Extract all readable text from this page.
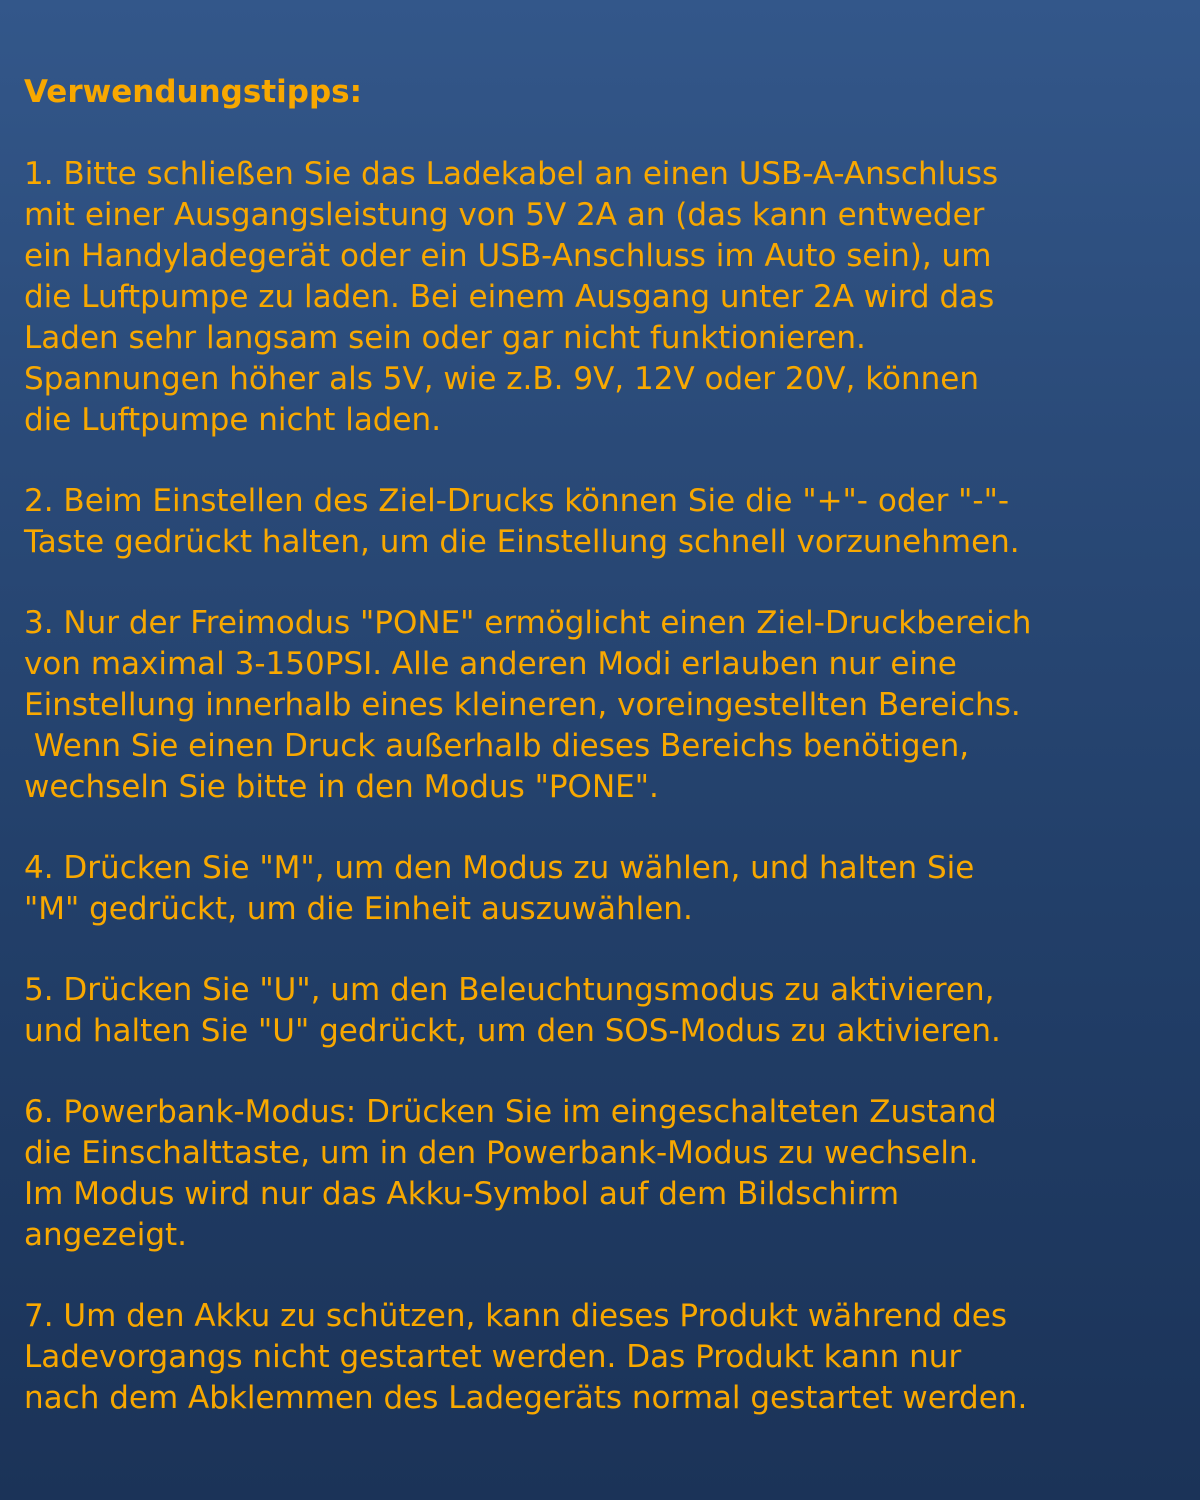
Verwendungstipps:

1. Bitte schließen Sie das Ladekabel an einen USB-A-Anschluss
mit einer Ausgangsleistung von 5V 2A an (das kann entweder
ein Handyladegerät oder ein USB-Anschluss im Auto sein), um
die Luftpumpe zu laden. Bei einem Ausgang unter 2A wird das
Laden sehr langsam sein oder gar nicht funktionieren.
Spannungen höher als 5V, wie z.B. 9V, 12V oder 20V, können
die Luftpumpe nicht laden.

2. Beim Einstellen des Ziel-Drucks können Sie die "+"- oder "-"-
Taste gedrückt halten, um die Einstellung schnell vorzunehmen.

3. Nur der Freimodus "PONE" ermöglicht einen Ziel-Druckbereich
von maximal 3-150PSI. Alle anderen Modi erlauben nur eine
Einstellung innerhalb eines kleineren, voreingestellten Bereichs.
Wenn Sie einen Druck außerhalb dieses Bereichs benötigen,
wechseln Sie bitte in den Modus "PONE".

4. Drücken Sie "M", um den Modus zu wählen, und halten Sie
"M" gedrückt, um die Einheit auszuwählen.

5. Drücken Sie "U", um den Beleuchtungsmodus zu aktivieren,
und halten Sie "U" gedrückt, um den SOS-Modus zu aktivieren.

6. Powerbank-Modus: Drücken Sie im eingeschalteten Zustand
die Einschalttaste, um in den Powerbank-Modus zu wechseln.
Im Modus wird nur das Akku-Symbol auf dem Bildschirm
angezeigt.

7. Um den Akku zu schützen, kann dieses Produkt während des
Ladevorgangs nicht gestartet werden. Das Produkt kann nur
nach dem Abklemmen des Ladegeräts normal gestartet werden.
